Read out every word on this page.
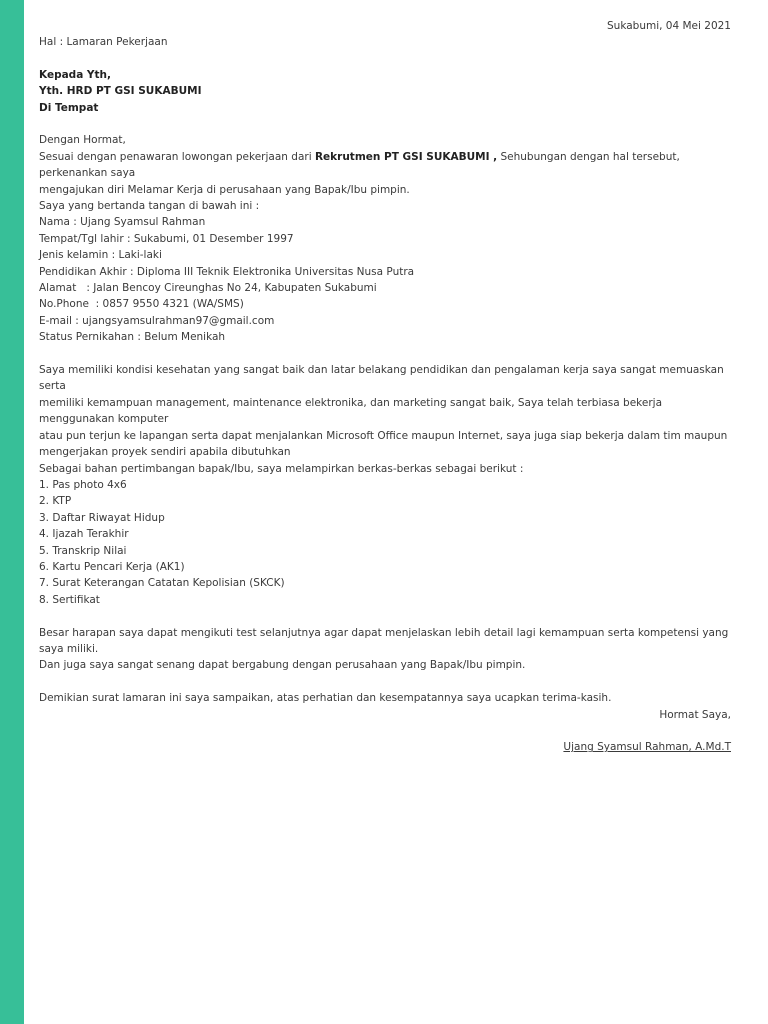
Sukabumi, 04 Mei 2021
Hal : Lamaran Pekerjaan
Kepada Yth,
Yth. HRD PT GSI SUKABUMI
Di Tempat
Dengan Hormat,
Sesuai dengan penawaran lowongan pekerjaan dari Rekrutmen PT GSI SUKABUMI , Sehubungan dengan hal tersebut, perkenankan saya
mengajukan diri Melamar Kerja di perusahaan yang Bapak/Ibu pimpin.
Saya yang bertanda tangan di bawah ini :
Nama : Ujang Syamsul Rahman
Tempat/Tgl lahir : Sukabumi, 01 Desember 1997
Jenis kelamin : Laki-laki
Pendidikan Akhir : Diploma III Teknik Elektronika Universitas Nusa Putra
Alamat   : Jalan Bencoy Cireunghas No 24, Kabupaten Sukabumi
No.Phone  : 0857 9550 4321 (WA/SMS)
E-mail : ujangsyamsulrahman97@gmail.com
Status Pernikahan : Belum Menikah
Saya memiliki kondisi kesehatan yang sangat baik dan latar belakang pendidikan dan pengalaman kerja saya sangat memuaskan serta
memiliki kemampuan management, maintenance elektronika, dan marketing sangat baik, Saya telah terbiasa bekerja menggunakan komputer
atau pun terjun ke lapangan serta dapat menjalankan Microsoft Office maupun Internet, saya juga siap bekerja dalam tim maupun
mengerjakan proyek sendiri apabila dibutuhkan
Sebagai bahan pertimbangan bapak/Ibu, saya melampirkan berkas-berkas sebagai berikut :
1. Pas photo 4x6
2. KTP
3. Daftar Riwayat Hidup
4. Ijazah Terakhir
5. Transkrip Nilai
6. Kartu Pencari Kerja (AK1)
7. Surat Keterangan Catatan Kepolisian (SKCK)
8. Sertifikat
Besar harapan saya dapat mengikuti test selanjutnya agar dapat menjelaskan lebih detail lagi kemampuan serta kompetensi yang saya miliki.
Dan juga saya sangat senang dapat bergabung dengan perusahaan yang Bapak/Ibu pimpin.
Demikian surat lamaran ini saya sampaikan, atas perhatian dan kesempatannya saya ucapkan terima-kasih.
Hormat Saya,
Ujang Syamsul Rahman, A.Md.T
